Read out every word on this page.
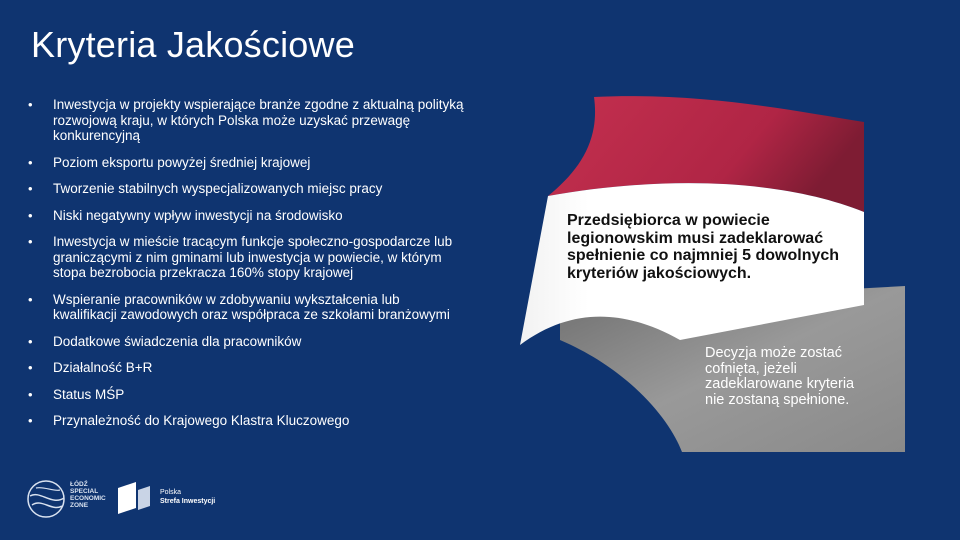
Kryteria Jakościowe
• Inwestycja w projekty wspierające branże zgodne z aktualną polityką rozwojową kraju, w których Polska może uzyskać przewagę konkurencyjną
• Poziom eksportu powyżej średniej krajowej
• Tworzenie stabilnych wyspecjalizowanych miejsc pracy
• Niski negatywny wpływ inwestycji na środowisko
• Inwestycja w mieście tracącym funkcje społeczno-gospodarcze lub graniczącymi z nim gminami lub inwestycja w powiecie, w którym stopa bezrobocia przekracza 160% stopy krajowej
• Wspieranie pracowników w zdobywaniu wykształcenia lub kwalifikacji zawodowych oraz współpraca ze szkołami branżowymi
• Dodatkowe świadczenia dla pracowników
• Działalność B+R
• Status MŚP
• Przynależność do Krajowego Klastra Kluczowego
Przedsiębiorca w powiecie legionowskim musi zadeklarować spełnienie co najmniej 5 dowolnych kryteriów jakościowych.
Decyzja może zostać cofnięta, jeżeli zadeklarowane kryteria nie zostaną spełnione.
ŁÓDŹ
SPECIAL
ECONOMIC
ZONE
Polska
Strefa Inwestycji
